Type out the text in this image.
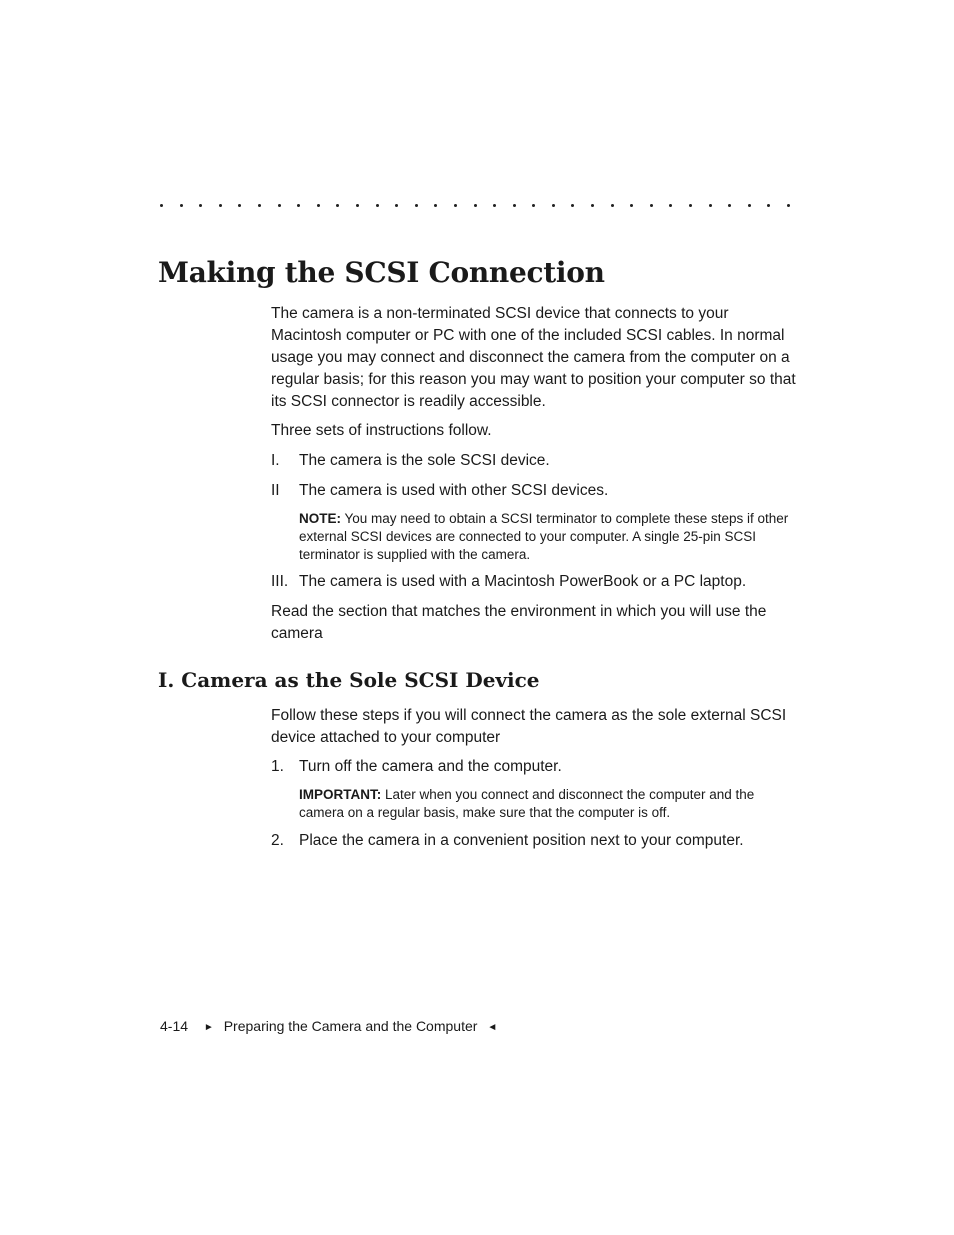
Making the SCSI Connection

The camera is a non-terminated SCSI device that connects to your Macintosh computer or PC with one of the included SCSI cables. In normal usage you may connect and disconnect the camera from the computer on a regular basis; for this reason you may want to position your computer so that its SCSI connector is readily accessible.

Three sets of instructions follow.

I. The camera is the sole SCSI device.
II The camera is used with other SCSI devices.

NOTE: You may need to obtain a SCSI terminator to complete these steps if other external SCSI devices are connected to your computer. A single 25-pin SCSI terminator is supplied with the camera.

III. The camera is used with a Macintosh PowerBook or a PC laptop.

Read the section that matches the environment in which you will use the camera

I. Camera as the Sole SCSI Device

Follow these steps if you will connect the camera as the sole external SCSI device attached to your computer

1. Turn off the camera and the computer.

IMPORTANT: Later when you connect and disconnect the computer and the camera on a regular basis, make sure that the computer is off.

2. Place the camera in a convenient position next to your computer.
4-14 ► Preparing the Camera and the Computer ◄
